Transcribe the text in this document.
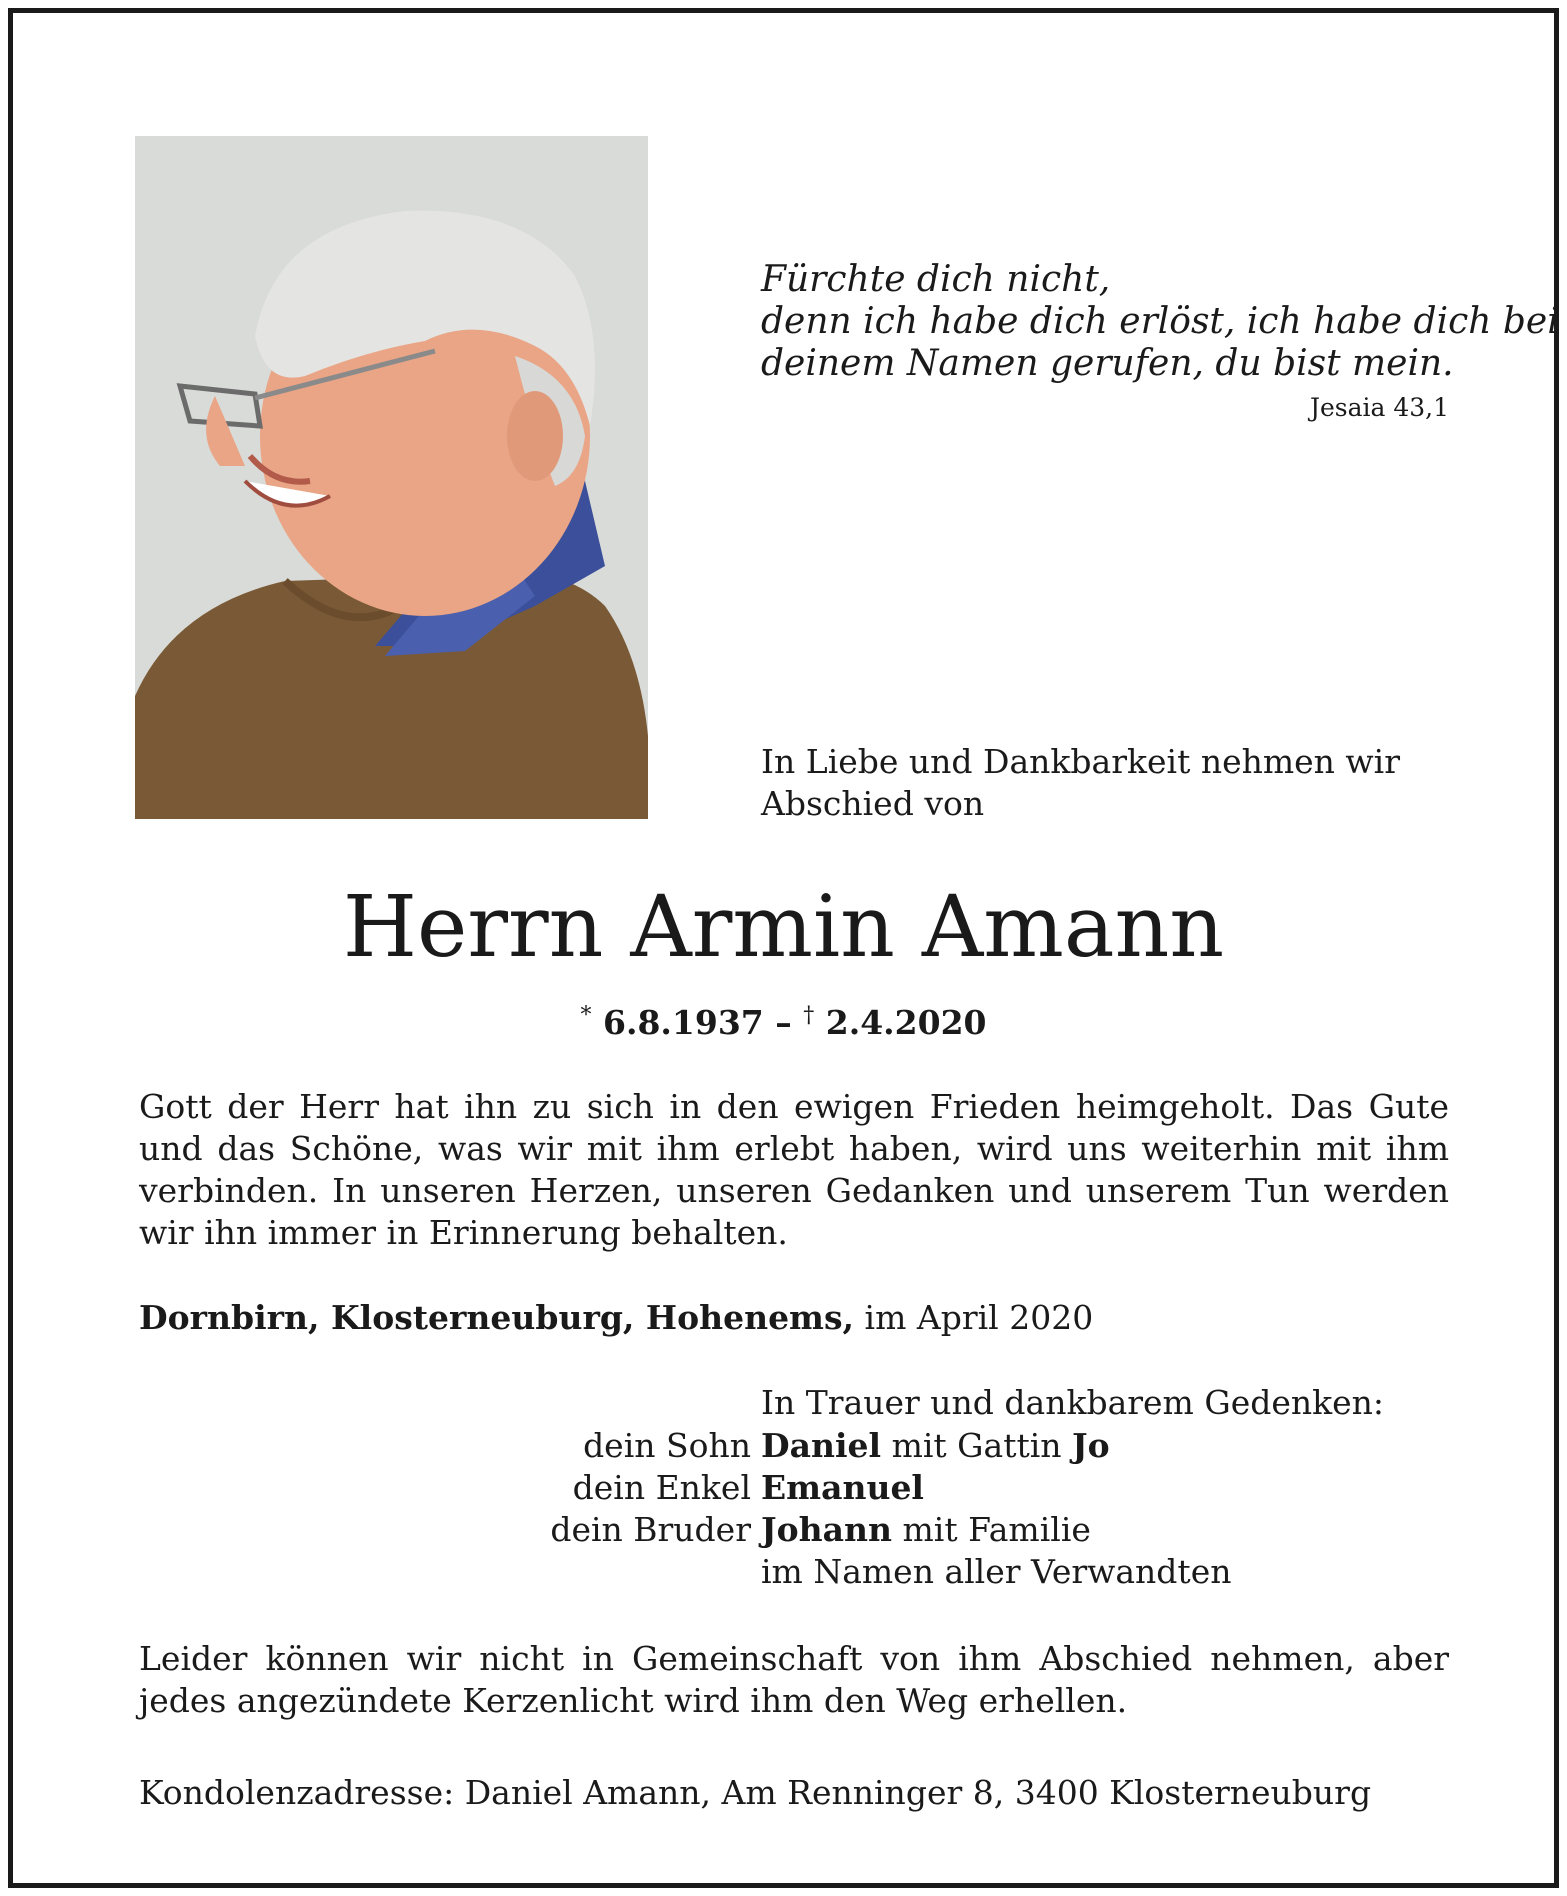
Fürchte dich nicht,
denn ich habe dich erlöst, ich habe dich bei
deinem Namen gerufen, du bist mein.
Jesaia 43,1
In Liebe und Dankbarkeit nehmen wir
Abschied von
Herrn Armin Amann
* 6.8.1937 – † 2.4.2020
Gott der Herr hat ihn zu sich in den ewigen Frieden heimgeholt. Das Gute und das Schöne, was wir mit ihm erlebt haben, wird uns weiterhin mit ihm verbinden. In unseren Herzen, unseren Gedanken und unserem Tun werden wir ihn immer in Erinnerung behalten.
Dornbirn, Klosterneuburg, Hohenems, im April 2020
In Trauer und dankbarem Gedenken:
dein Sohn Daniel mit Gattin Jo
dein Enkel Emanuel
dein Bruder Johann mit Familie
im Namen aller Verwandten
Leider können wir nicht in Gemeinschaft von ihm Abschied nehmen, aber jedes angezündete Kerzenlicht wird ihm den Weg erhellen.
Kondolenzadresse: Daniel Amann, Am Renninger 8, 3400 Klosterneuburg
